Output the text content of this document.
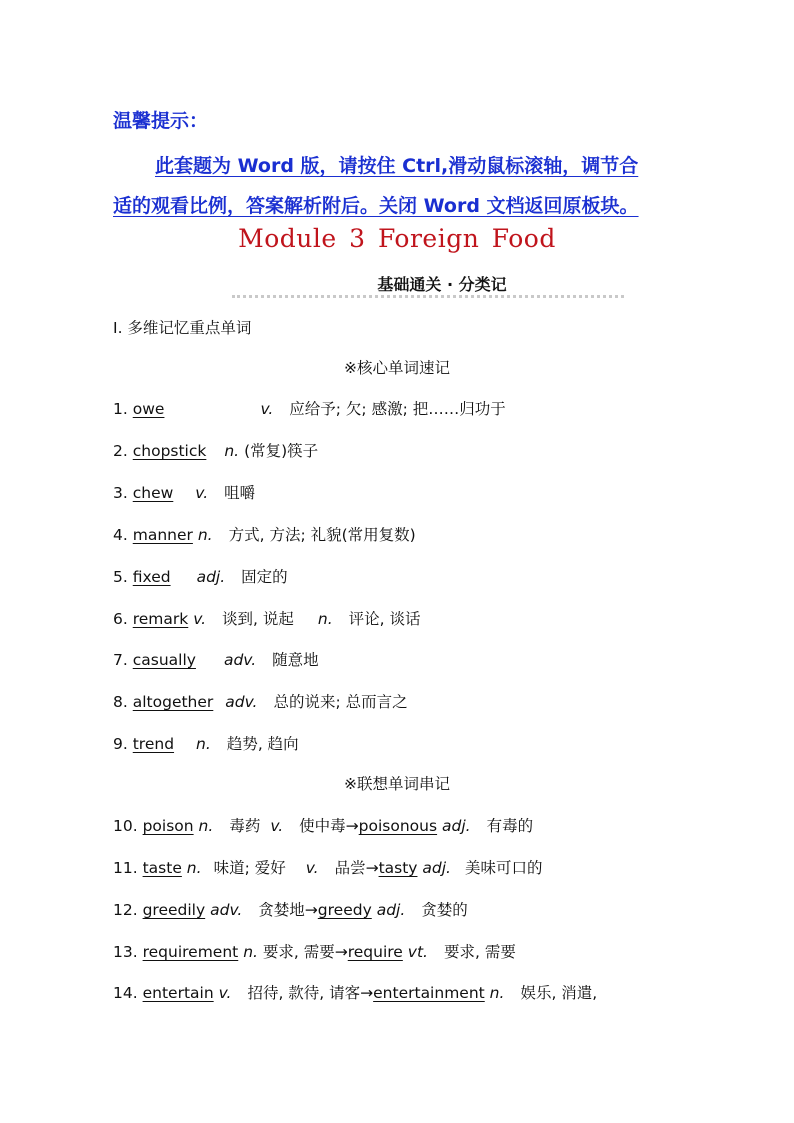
温馨提示：
此套题为 Word 版，请按住 Ctrl,滑动鼠标滚轴，调节合
适的观看比例，答案解析附后。关闭 Word 文档返回原板块。
Module 3 Foreign Food
基础通关 · 分类记
Ⅰ. 多维记忆重点单词
※核心单词速记
1. owe	v. 应给予; 欠; 感激; 把……归功于
2. chopstick n. (常复)筷子
3. chew v. 咀嚼
4. manner n. 方式, 方法; 礼貌(常用复数)
5. fixed adj. 固定的
6. remark v. 谈到, 说起 n. 评论, 谈话
7. casually adv. 随意地
8. altogether adv. 总的说来; 总而言之
9. trend n. 趋势, 趋向
※联想单词串记
10. poison n. 毒药 v. 使中毒→poisonous adj. 有毒的
11. taste n. 味道; 爱好 v. 品尝→tasty adj. 美味可口的
12. greedily adv. 贪婪地→greedy adj. 贪婪的
13. requirement n. 要求, 需要→require vt. 要求, 需要
14. entertain v. 招待, 款待, 请客→entertainment n. 娱乐, 消遣,
